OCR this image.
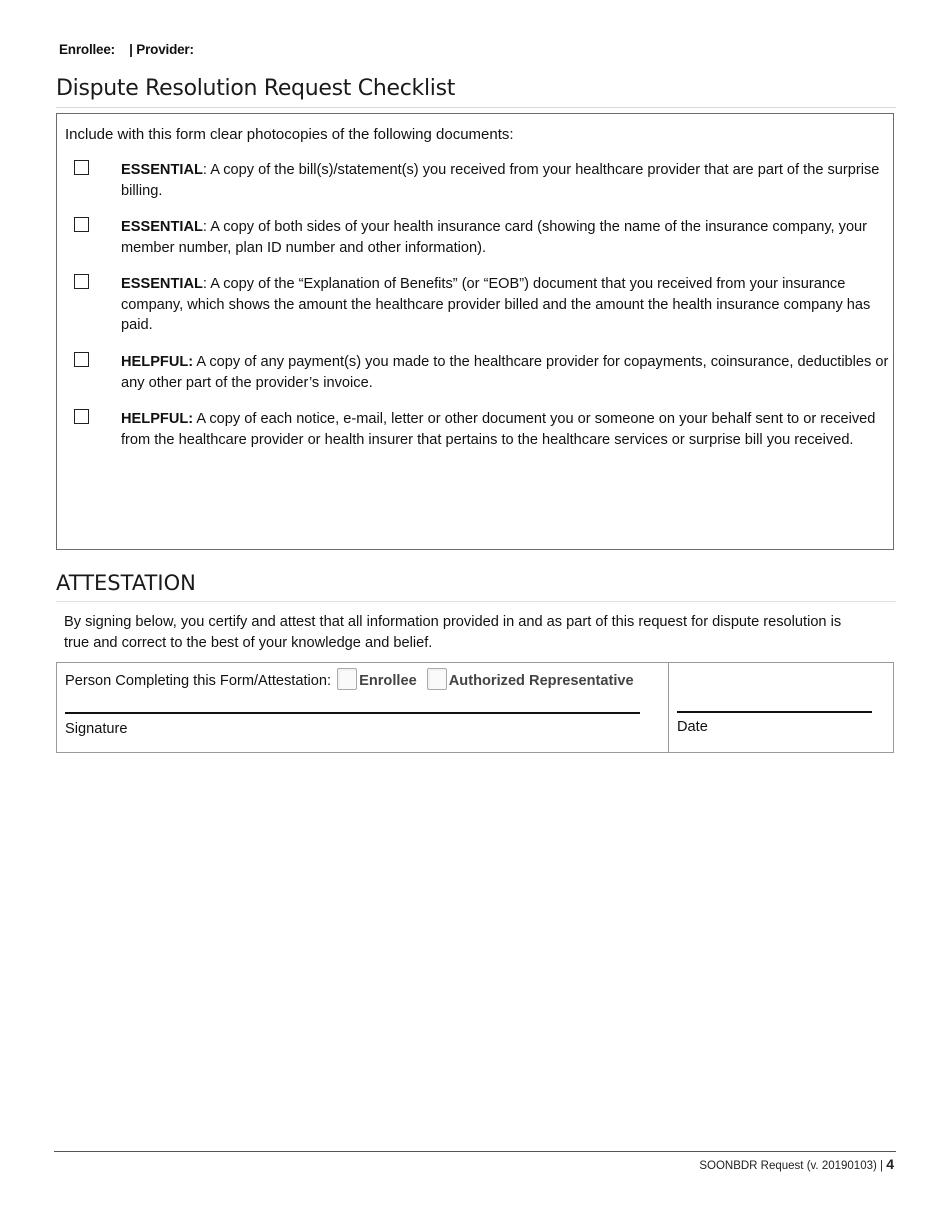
Enrollee: | Provider:
Dispute Resolution Request Checklist
Include with this form clear photocopies of the following documents:
ESSENTIAL: A copy of the bill(s)/statement(s) you received from your healthcare provider that are part of the surprise billing.
ESSENTIAL: A copy of both sides of your health insurance card (showing the name of the insurance company, your member number, plan ID number and other information).
ESSENTIAL: A copy of the “Explanation of Benefits” (or “EOB”) document that you received from your insurance company, which shows the amount the healthcare provider billed and the amount the health insurance company has paid.
HELPFUL: A copy of any payment(s) you made to the healthcare provider for copayments, coinsurance, deductibles or any other part of the provider’s invoice.
HELPFUL: A copy of each notice, e-mail, letter or other document you or someone on your behalf sent to or received from the healthcare provider or health insurer that pertains to the healthcare services or surprise bill you received.
ATTESTATION
By signing below, you certify and attest that all information provided in and as part of this request for dispute resolution is true and correct to the best of your knowledge and belief.
Person Completing this Form/Attestation: Enrollee Authorized Representative
Signature	Date
SOONBDR Request (v. 20190103) | 4
